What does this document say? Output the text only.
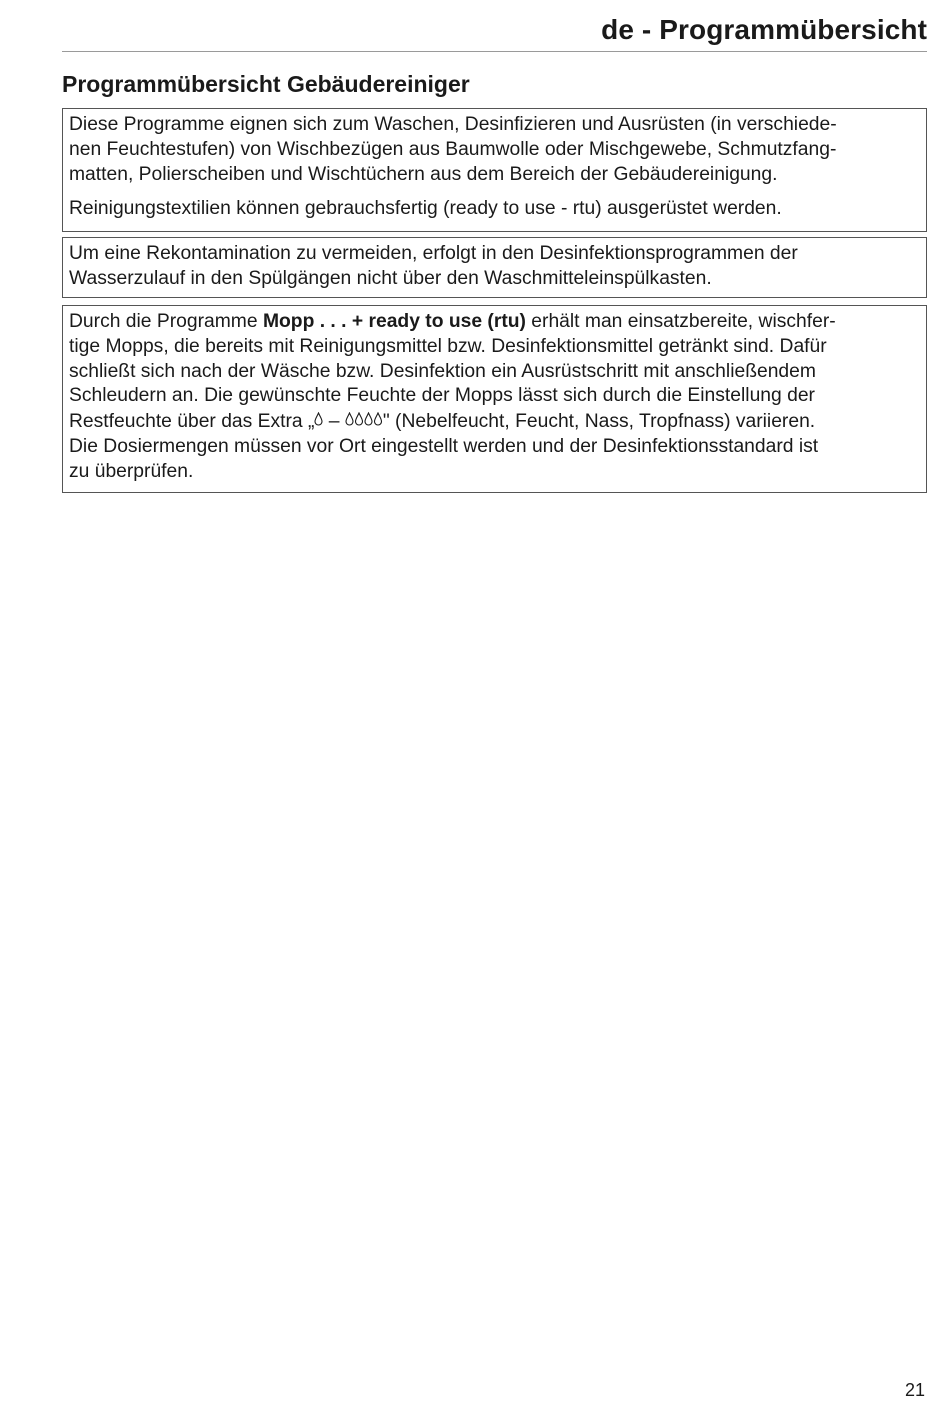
de - Programmübersicht
Programmübersicht Gebäudereiniger

Diese Programme eignen sich zum Waschen, Desinfizieren und Ausrüsten (in verschiede-
nen Feuchtestufen) von Wischbezügen aus Baumwolle oder Mischgewebe, Schmutzfang-
matten, Polierscheiben und Wischtüchern aus dem Bereich der Gebäudereinigung.

Reinigungstextilien können gebrauchsfertig (ready to use - rtu) ausgerüstet werden.

Um eine Rekontamination zu vermeiden, erfolgt in den Desinfektionsprogrammen der
Wasserzulauf in den Spülgängen nicht über den Waschmitteleinspülkasten.

Durch die Programme Mopp . . . + ready to use (rtu) erhält man einsatzbereite, wischfer-
tige Mopps, die bereits mit Reinigungsmittel bzw. Desinfektionsmittel getränkt sind. Dafür
schließt sich nach der Wäsche bzw. Desinfektion ein Ausrüstschritt mit anschließendem
Schleudern an. Die gewünschte Feuchte der Mopps lässt sich durch die Einstellung der
Restfeuchte über das Extra „ – " (Nebelfeucht, Feucht, Nass, Tropfnass) variieren.
Die Dosiermengen müssen vor Ort eingestellt werden und der Desinfektionsstandard ist
zu überprüfen.

21
